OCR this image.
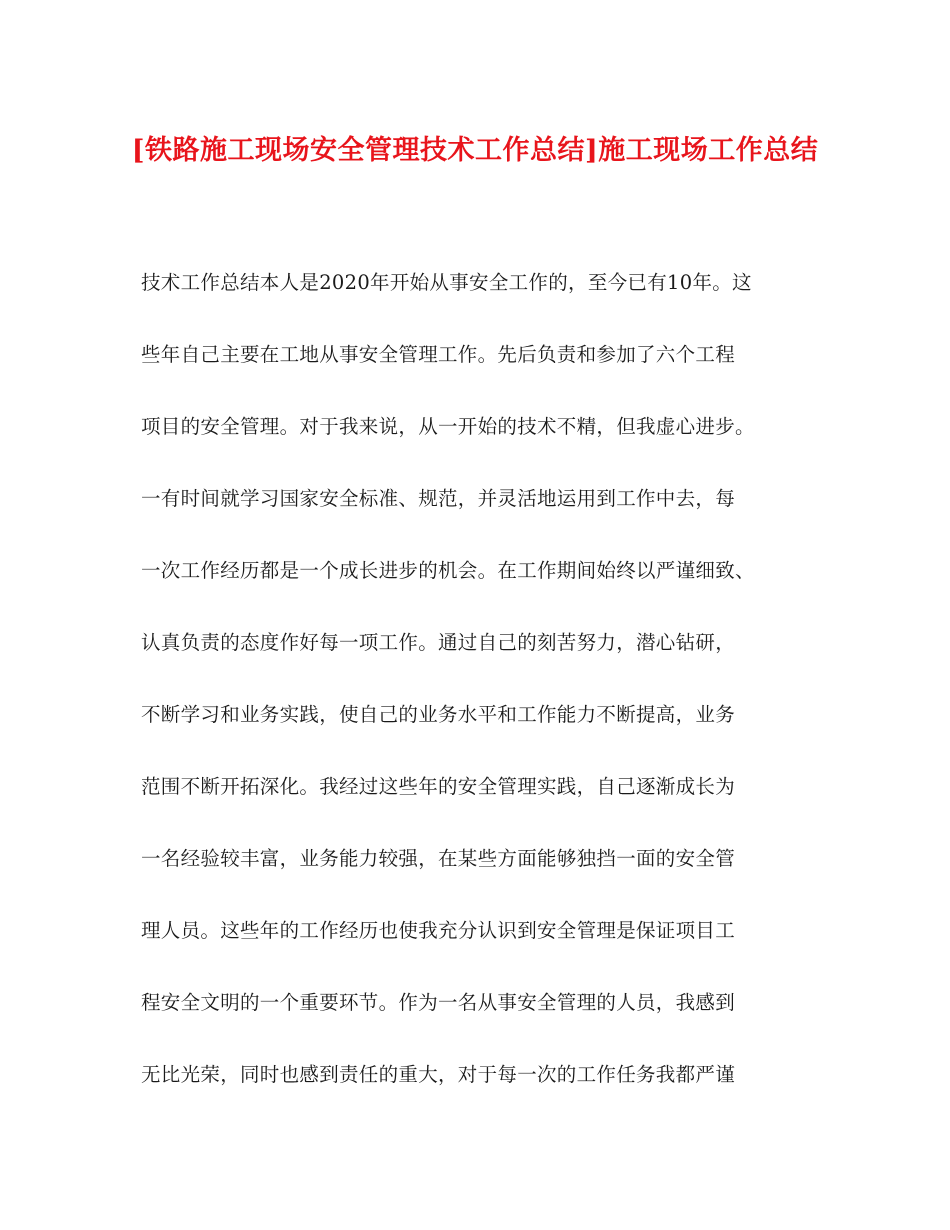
[铁路施工现场安全管理技术工作总结]施工现场工作总结
技术工作总结本人是2020年开始从事安全工作的，至今已有10年。这
些年自己主要在工地从事安全管理工作。先后负责和参加了六个工程
项目的安全管理。对于我来说，从一开始的技术不精，但我虚心进步。
一有时间就学习国家安全标准、规范，并灵活地运用到工作中去，每
一次工作经历都是一个成长进步的机会。在工作期间始终以严谨细致、
认真负责的态度作好每一项工作。通过自己的刻苦努力，潜心钻研，
不断学习和业务实践，使自己的业务水平和工作能力不断提高，业务
范围不断开拓深化。我经过这些年的安全管理实践，自己逐渐成长为
一名经验较丰富，业务能力较强，在某些方面能够独挡一面的安全管
理人员。这些年的工作经历也使我充分认识到安全管理是保证项目工
程安全文明的一个重要环节。作为一名从事安全管理的人员，我感到
无比光荣，同时也感到责任的重大，对于每一次的工作任务我都严谨
